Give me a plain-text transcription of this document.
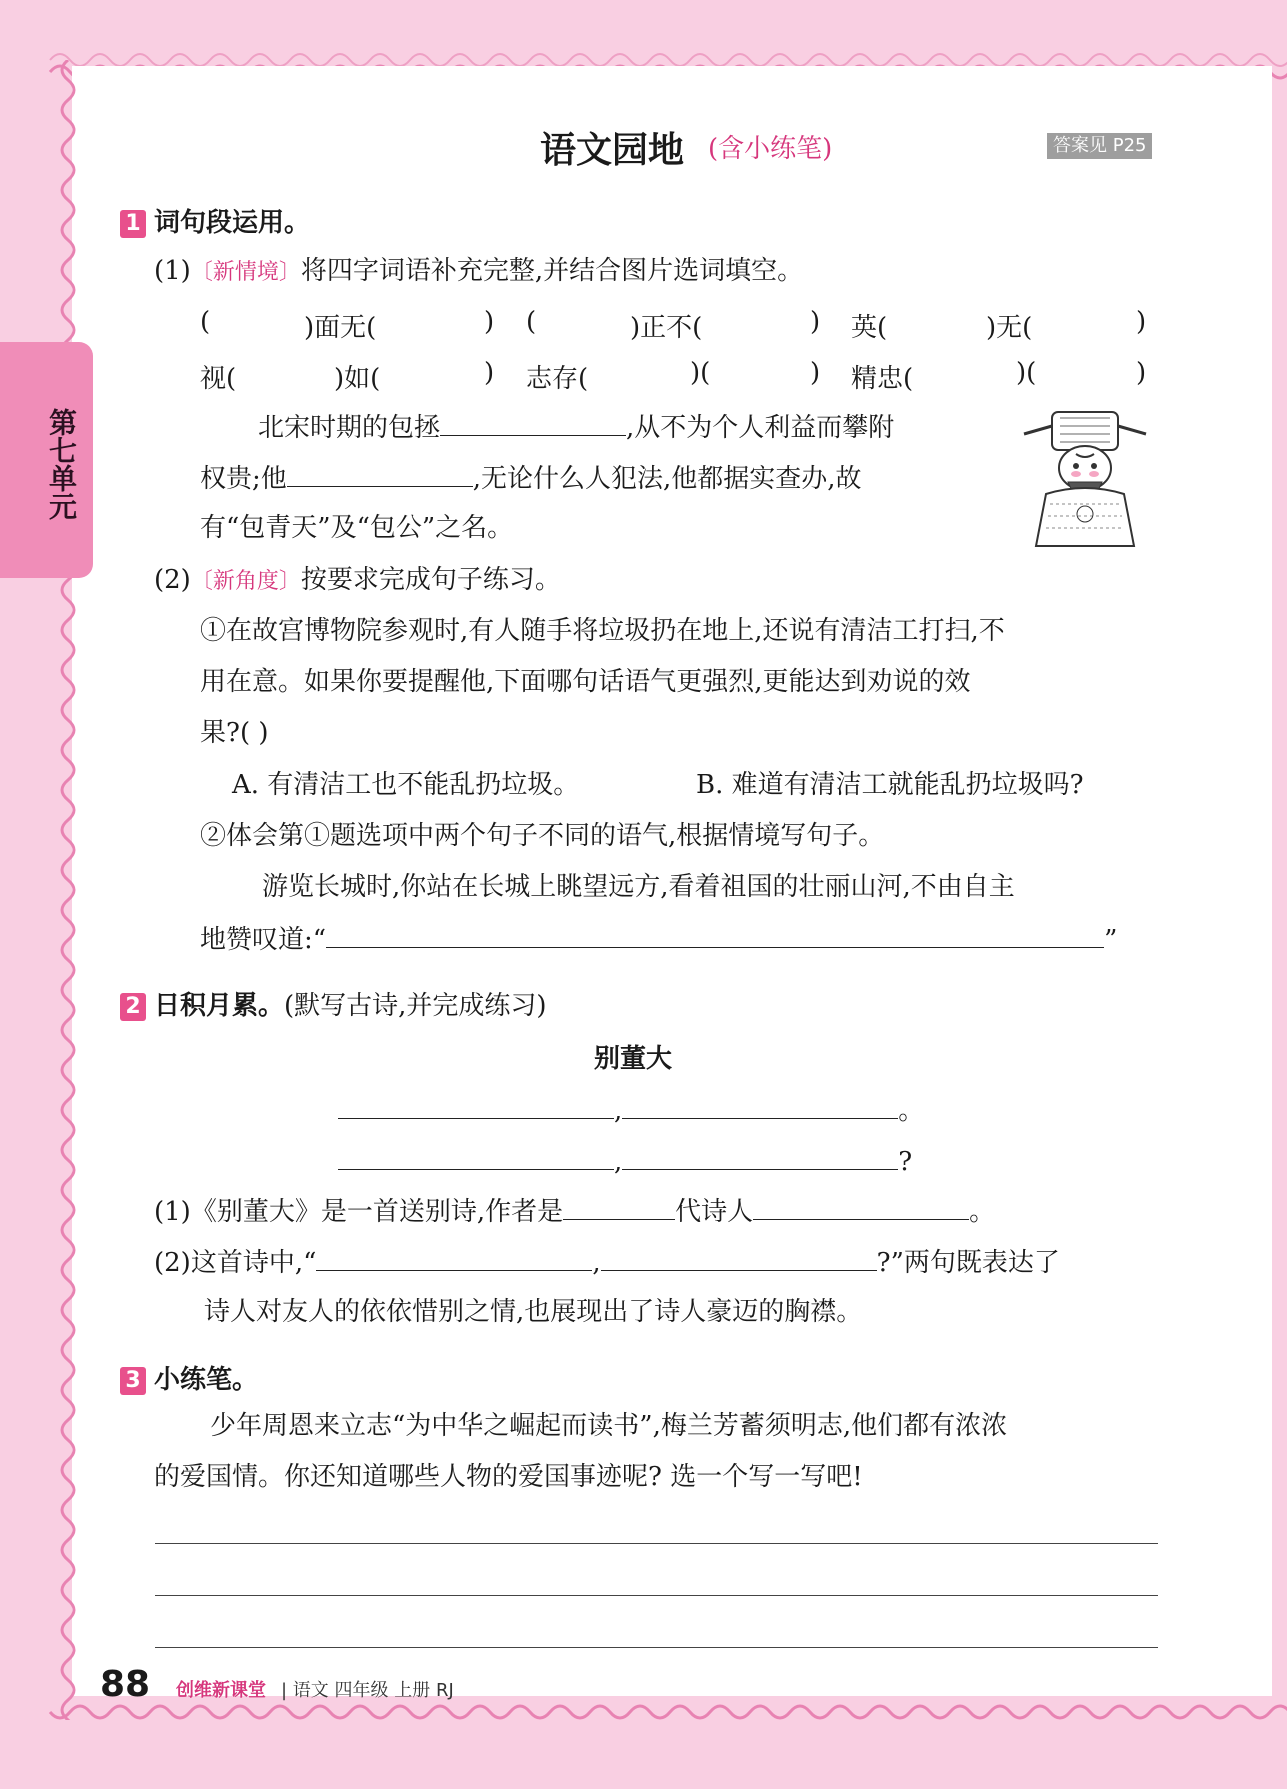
第七单元
语文园地 (含小练笔)	答案见 P25
1 词句段运用。
(1)〔新情境〕将四字词语补充完整,并结合图片选词填空。
(	)面无(	) (	)正不(	) 英(	)无(	)
视(	)如(	) 志存(	)(	) 精忠(	)(	)
北宋时期的包拯	,从不为个人利益而攀附
权贵;他	,无论什么人犯法,他都据实查办,故
有“包青天”及“包公”之名。
(2)〔新角度〕按要求完成句子练习。
①在故宫博物院参观时,有人随手将垃圾扔在地上,还说有清洁工打扫,不
用在意。如果你要提醒他,下面哪句话语气更强烈,更能达到劝说的效
果?( )
A. 有清洁工也不能乱扔垃圾。	B. 难道有清洁工就能乱扔垃圾吗?
②体会第①题选项中两个句子不同的语气,根据情境写句子。
游览长城时,你站在长城上眺望远方,看着祖国的壮丽山河,不由自主
地赞叹道:“	”
2 日积月累。(默写古诗,并完成练习)
别董大
,	。
,	?
(1)《别董大》是一首送别诗,作者是	代诗人	。
(2)这首诗中,“	,	?”两句既表达了
诗人对友人的依依惜别之情,也展现出了诗人豪迈的胸襟。
3 小练笔。
少年周恩来立志“为中华之崛起而读书”,梅兰芳蓄须明志,他们都有浓浓
的爱国情。你还知道哪些人物的爱国事迹呢? 选一个写一写吧!
88 创维新课堂 | 语文 四年级 上册 RJ
